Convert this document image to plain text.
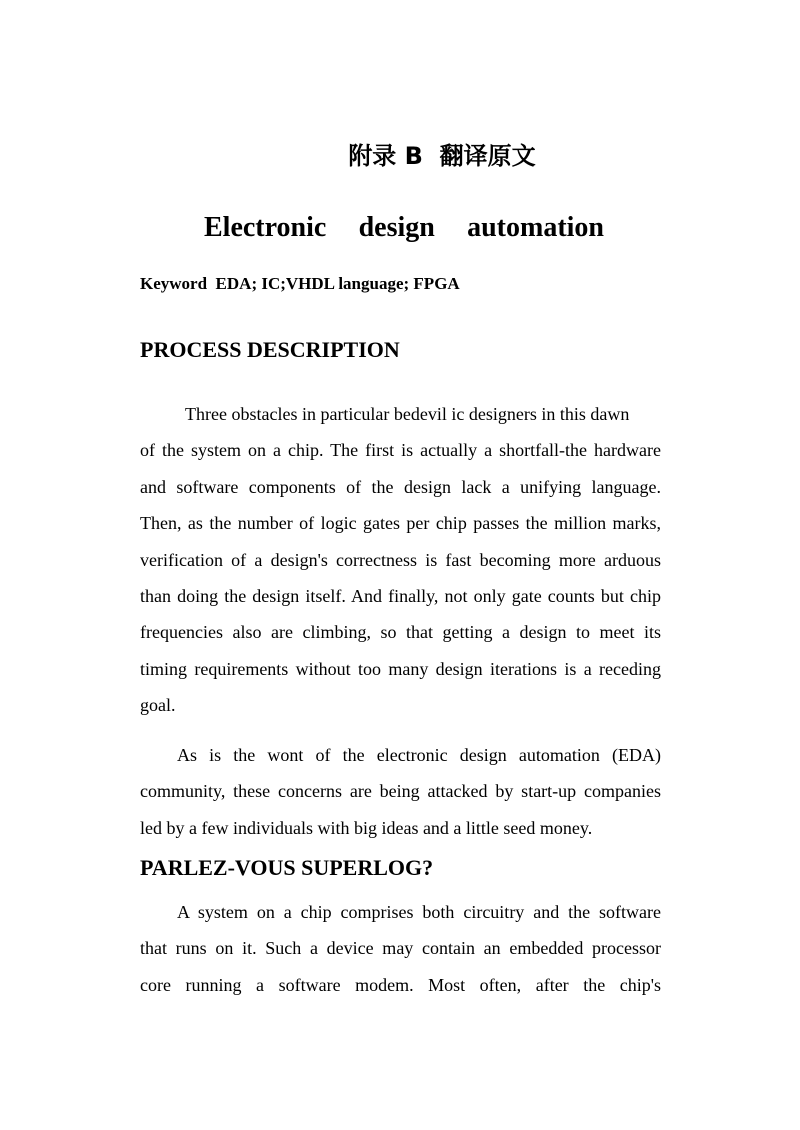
附录 B  翻译原文
Electronic design automation
Keyword  EDA; IC;VHDL language; FPGA
PROCESS DESCRIPTION
Three obstacles in particular bedevil ic designers in this dawn
of the system on a chip. The first is actually a shortfall-the hardware
and software components of the design lack a unifying language.
Then, as the number of logic gates per chip passes the million marks,
verification of a design's correctness is fast becoming more arduous
than doing the design itself. And finally, not only gate counts but chip
frequencies also are climbing, so that getting a design to meet its
timing requirements without too many design iterations is a receding
goal.
As is the wont of the electronic design automation (EDA)
community, these concerns are being attacked by start-up companies
led by a few individuals with big ideas and a little seed money.
PARLEZ-VOUS SUPERLOG?
A system on a chip comprises both circuitry and the software
that runs on it. Such a device may contain an embedded processor
core running a software modem. Most often, after the chip's
